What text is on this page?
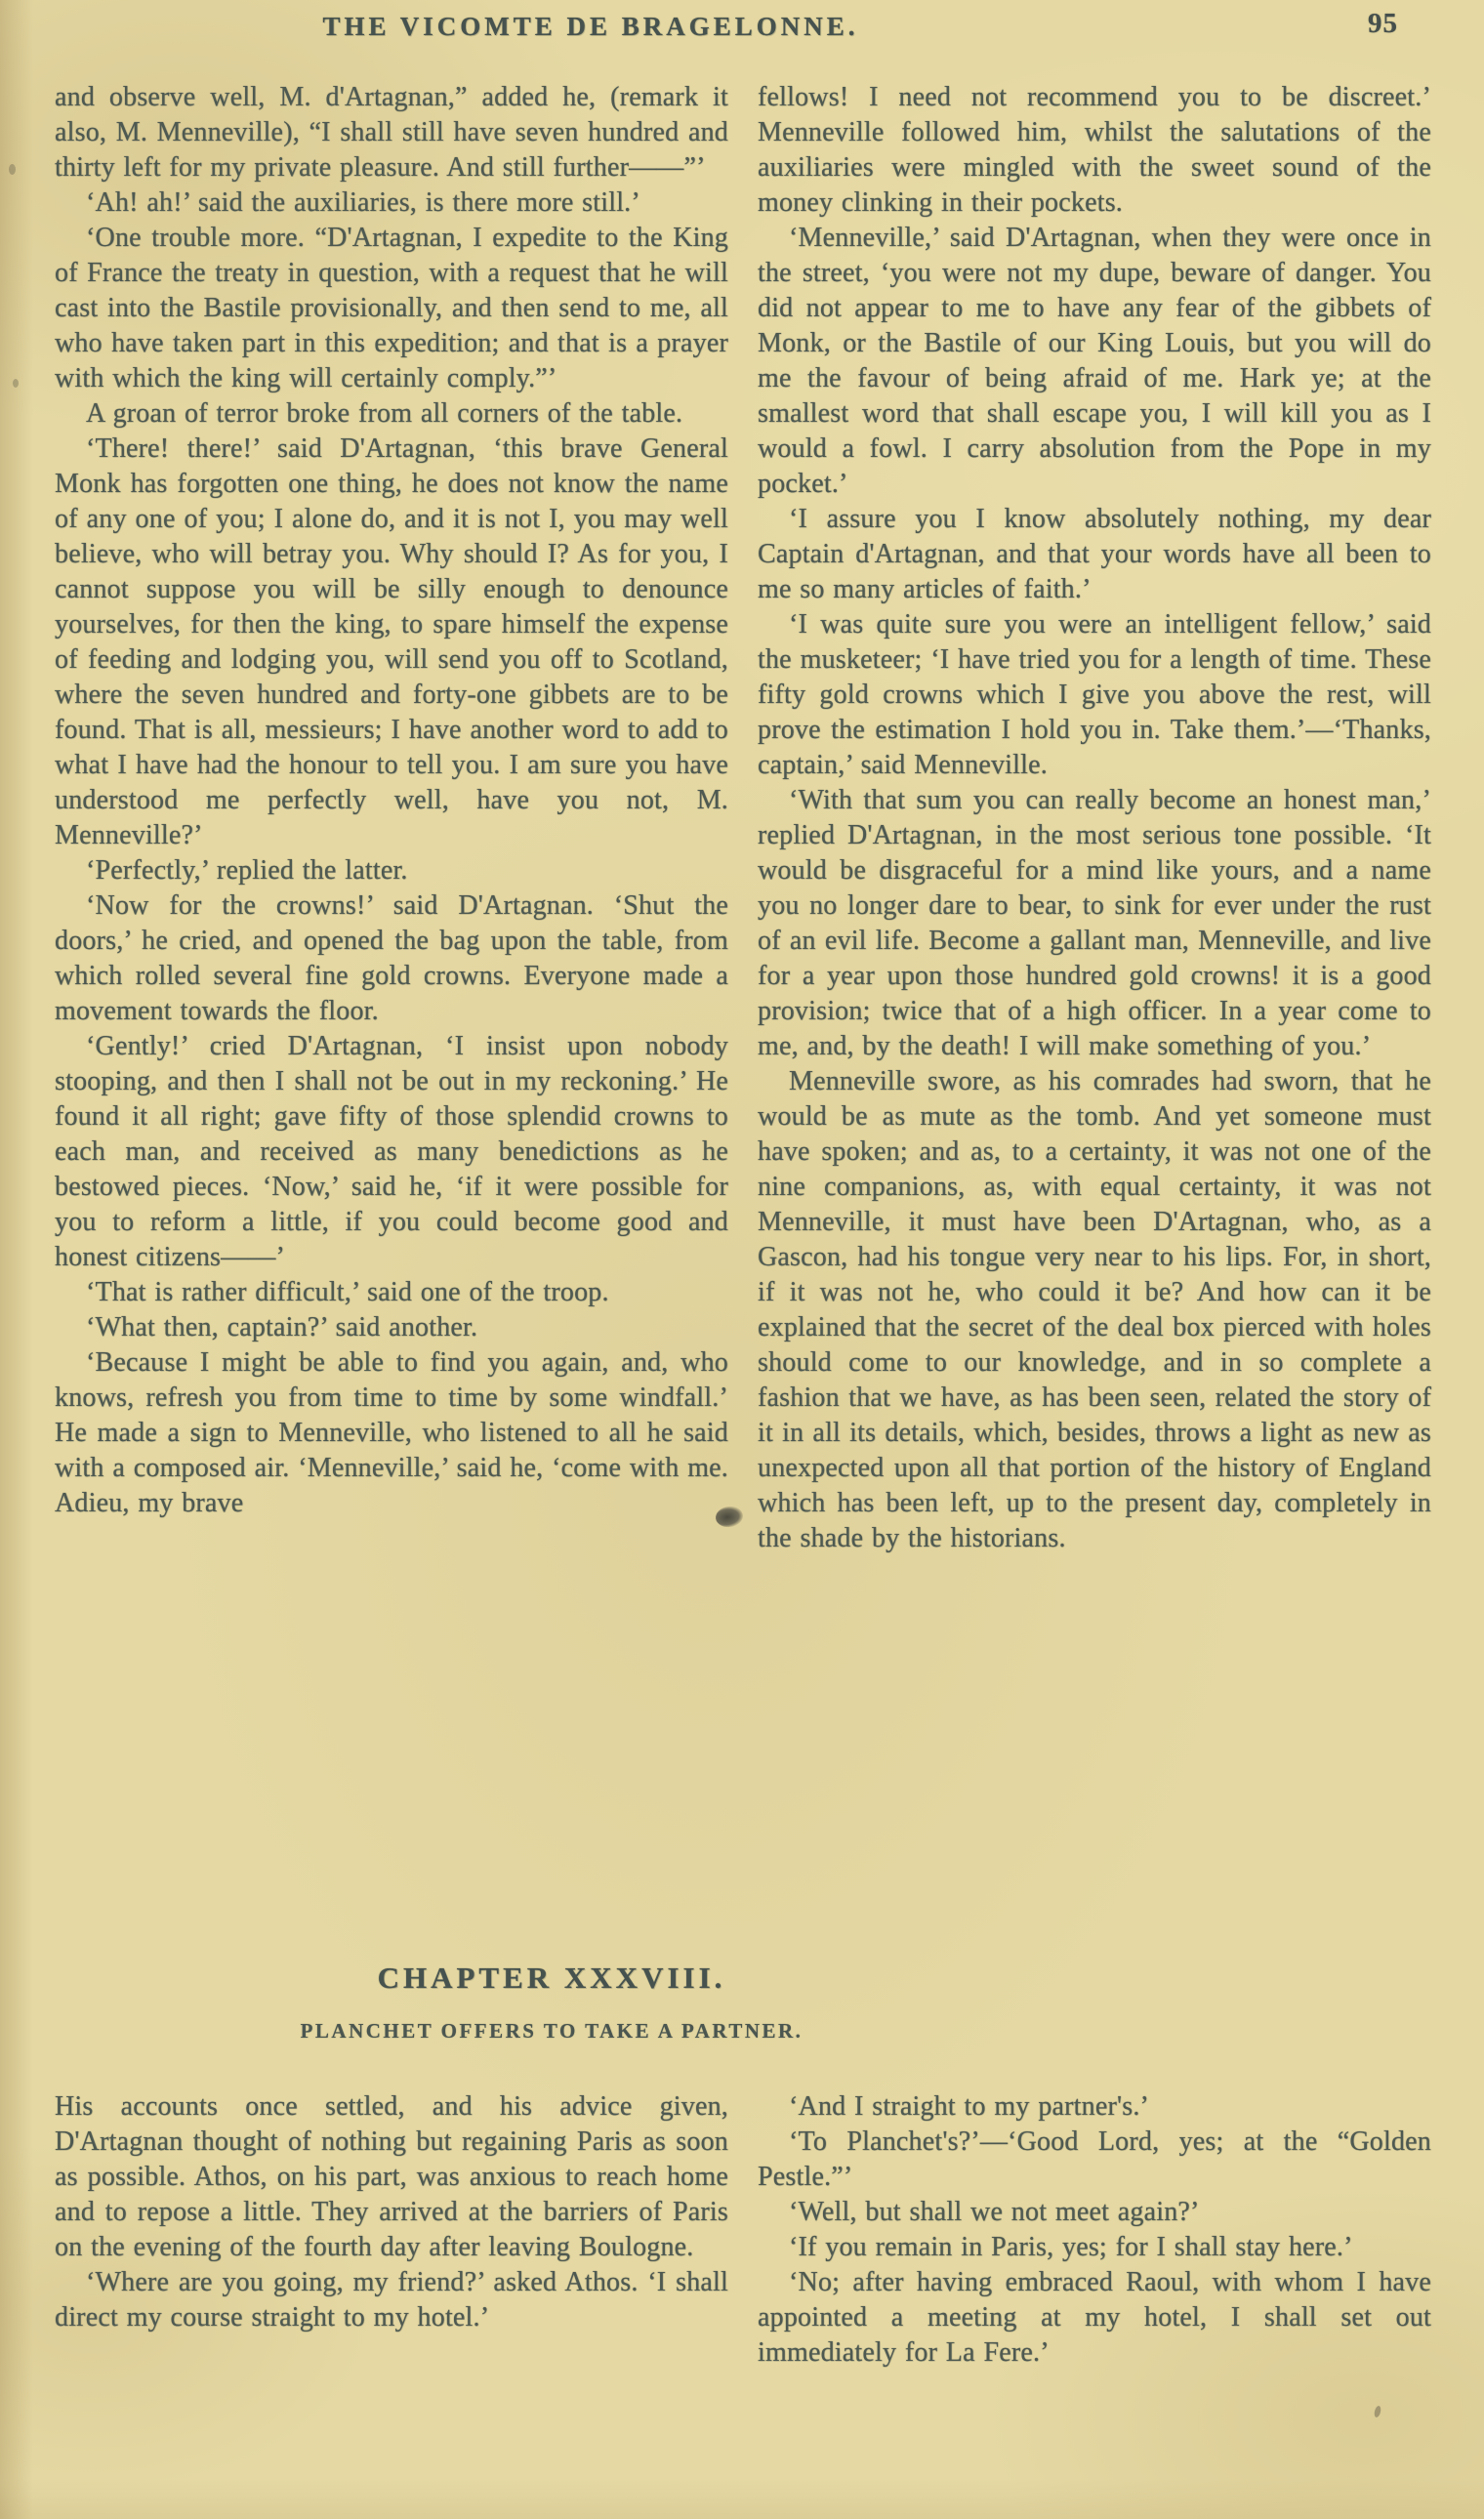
THE VICOMTE DE BRAGELONNE.	95

and observe well, M. d'Artagnan,” added he, (remark it also, M. Menneville), “I shall still have seven hundred and thirty left for my private pleasure. And still further——”’

‘Ah! ah!’ said the auxiliaries, is there more still.’

‘One trouble more. “D'Artagnan, I expedite to the King of France the treaty in question, with a request that he will cast into the Bastile provisionally, and then send to me, all who have taken part in this expedition; and that is a prayer with which the king will certainly comply.”’

A groan of terror broke from all corners of the table.

‘There! there!’ said D'Artagnan, ‘this brave General Monk has forgotten one thing, he does not know the name of any one of you; I alone do, and it is not I, you may well believe, who will betray you. Why should I? As for you, I cannot suppose you will be silly enough to denounce yourselves, for then the king, to spare himself the expense of feeding and lodging you, will send you off to Scotland, where the seven hundred and forty-one gibbets are to be found. That is all, messieurs; I have another word to add to what I have had the honour to tell you. I am sure you have understood me perfectly well, have you not, M. Menneville?’

‘Perfectly,’ replied the latter.

‘Now for the crowns!’ said D'Artagnan. ‘Shut the doors,’ he cried, and opened the bag upon the table, from which rolled several fine gold crowns. Everyone made a movement towards the floor.

‘Gently!’ cried D'Artagnan, ‘I insist upon nobody stooping, and then I shall not be out in my reckoning.’ He found it all right; gave fifty of those splendid crowns to each man, and received as many benedictions as he bestowed pieces. ‘Now,’ said he, ‘if it were possible for you to reform a little, if you could become good and honest citizens——’

‘That is rather difficult,’ said one of the troop.

‘What then, captain?’ said another.

‘Because I might be able to find you again, and, who knows, refresh you from time to time by some windfall.’ He made a sign to Menneville, who listened to all he said with a composed air. ‘Menneville,’ said he, ‘come with me. Adieu, my brave

fellows! I need not recommend you to be discreet.’ Menneville followed him, whilst the salutations of the auxiliaries were mingled with the sweet sound of the money clinking in their pockets.

‘Menneville,’ said D'Artagnan, when they were once in the street, ‘you were not my dupe, beware of danger. You did not appear to me to have any fear of the gibbets of Monk, or the Bastile of our King Louis, but you will do me the favour of being afraid of me. Hark ye; at the smallest word that shall escape you, I will kill you as I would a fowl. I carry absolution from the Pope in my pocket.’

‘I assure you I know absolutely nothing, my dear Captain d'Artagnan, and that your words have all been to me so many articles of faith.’

‘I was quite sure you were an intelligent fellow,’ said the musketeer; ‘I have tried you for a length of time. These fifty gold crowns which I give you above the rest, will prove the estimation I hold you in. Take them.’—‘Thanks, captain,’ said Menneville.

‘With that sum you can really become an honest man,’ replied D'Artagnan, in the most serious tone possible. ‘It would be disgraceful for a mind like yours, and a name you no longer dare to bear, to sink for ever under the rust of an evil life. Become a gallant man, Menneville, and live for a year upon those hundred gold crowns! it is a good provision; twice that of a high officer. In a year come to me, and, by the death! I will make something of you.’

Menneville swore, as his comrades had sworn, that he would be as mute as the tomb. And yet someone must have spoken; and as, to a certainty, it was not one of the nine companions, as, with equal certainty, it was not Menneville, it must have been D'Artagnan, who, as a Gascon, had his tongue very near to his lips. For, in short, if it was not he, who could it be? And how can it be explained that the secret of the deal box pierced with holes should come to our knowledge, and in so complete a fashion that we have, as has been seen, related the story of it in all its details, which, besides, throws a light as new as unexpected upon all that portion of the history of England which has been left, up to the present day, completely in the shade by the historians.

CHAPTER XXXVIII.
PLANCHET OFFERS TO TAKE A PARTNER.

His accounts once settled, and his advice given, D'Artagnan thought of nothing but regaining Paris as soon as possible. Athos, on his part, was anxious to reach home and to repose a little. They arrived at the barriers of Paris on the evening of the fourth day after leaving Boulogne.

‘Where are you going, my friend?’ asked Athos. ‘I shall direct my course straight to my hotel.’

‘And I straight to my partner's.’

‘To Planchet's?’—‘Good Lord, yes; at the “Golden Pestle.”’

‘Well, but shall we not meet again?’

‘If you remain in Paris, yes; for I shall stay here.’

‘No; after having embraced Raoul, with whom I have appointed a meeting at my hotel, I shall set out immediately for La Fere.’
